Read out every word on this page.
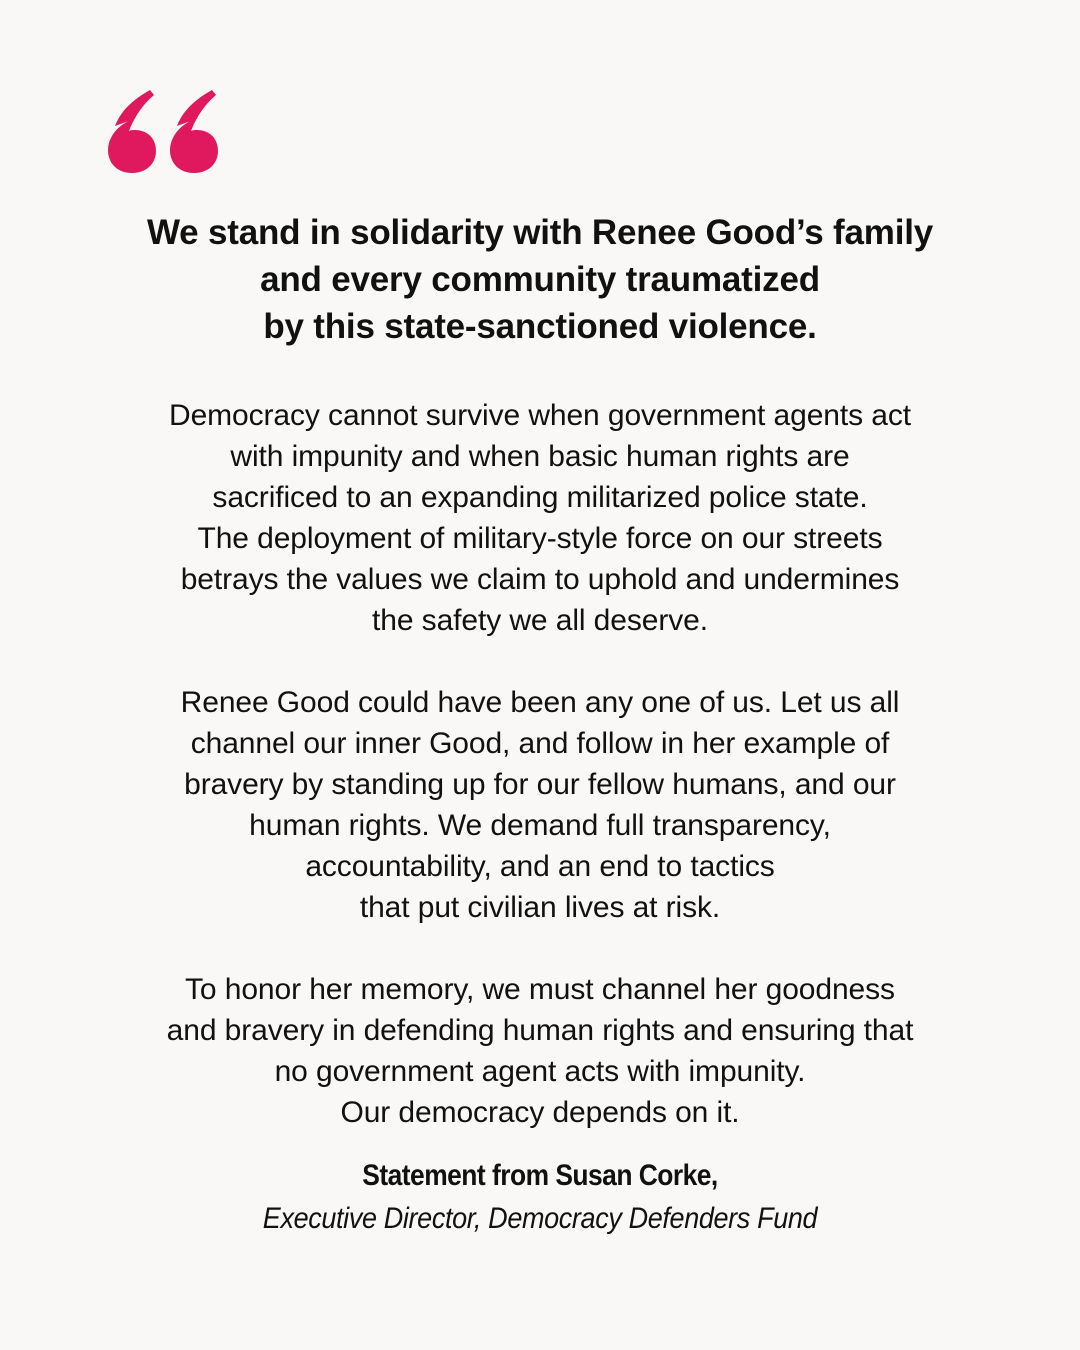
We stand in solidarity with Renee Good’s family
and every community traumatized
by this state-sanctioned violence.

Democracy cannot survive when government agents act
with impunity and when basic human rights are
sacrificed to an expanding militarized police state.
The deployment of military-style force on our streets
betrays the values we claim to uphold and undermines
the safety we all deserve.

Renee Good could have been any one of us. Let us all
channel our inner Good, and follow in her example of
bravery by standing up for our fellow humans, and our
human rights. We demand full transparency,
accountability, and an end to tactics
that put civilian lives at risk.

To honor her memory, we must channel her goodness
and bravery in defending human rights and ensuring that
no government agent acts with impunity.
Our democracy depends on it.

Statement from Susan Corke,
Executive Director, Democracy Defenders Fund
